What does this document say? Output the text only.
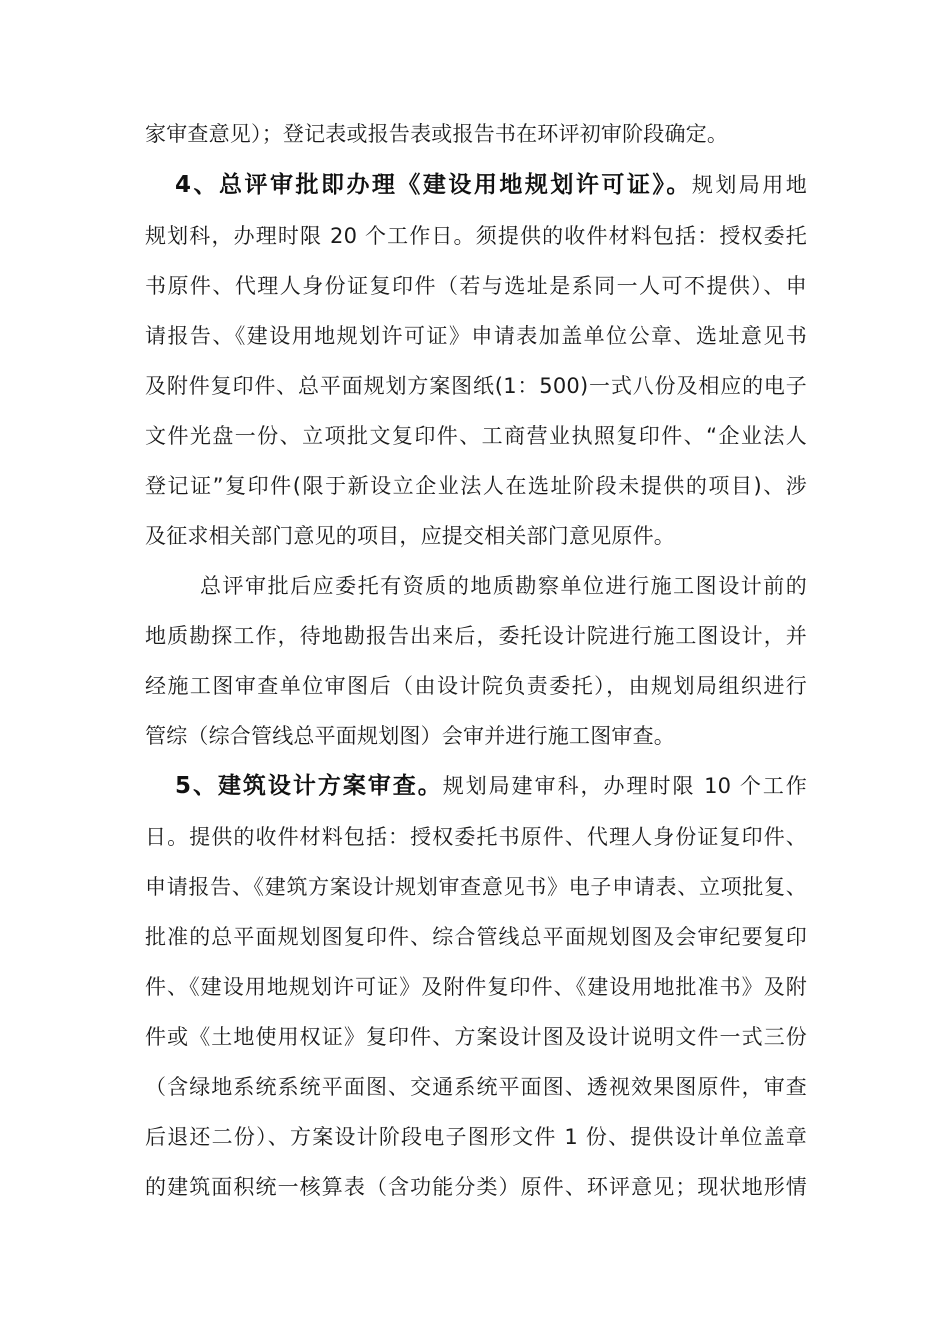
家审查意见）；登记表或报告表或报告书在环评初审阶段确定。
4、总评审批即办理《建设用地规划许可证》。规划局用地
规划科，办理时限 20 个工作日。须提供的收件材料包括：授权委托
书原件、代理人身份证复印件（若与选址是系同一人可不提供）、申
请报告、《建设用地规划许可证》申请表加盖单位公章、选址意见书
及附件复印件、总平面规划方案图纸(1：500)一式八份及相应的电子
文件光盘一份、立项批文复印件、工商营业执照复印件、“企业法人
登记证”复印件(限于新设立企业法人在选址阶段未提供的项目)、涉
及征求相关部门意见的项目，应提交相关部门意见原件。
总评审批后应委托有资质的地质勘察单位进行施工图设计前的
地质勘探工作，待地勘报告出来后，委托设计院进行施工图设计，并
经施工图审查单位审图后（由设计院负责委托），由规划局组织进行
管综（综合管线总平面规划图）会审并进行施工图审查。
5、建筑设计方案审查。规划局建审科，办理时限 10 个工作
日。提供的收件材料包括：授权委托书原件、代理人身份证复印件、
申请报告、《建筑方案设计规划审查意见书》电子申请表、立项批复、
批准的总平面规划图复印件、综合管线总平面规划图及会审纪要复印
件、《建设用地规划许可证》及附件复印件、《建设用地批准书》及附
件或《土地使用权证》复印件、方案设计图及设计说明文件一式三份
（含绿地系统系统平面图、交通系统平面图、透视效果图原件，审查
后退还二份）、方案设计阶段电子图形文件 1 份、提供设计单位盖章
的建筑面积统一核算表（含功能分类）原件、环评意见；现状地形情
